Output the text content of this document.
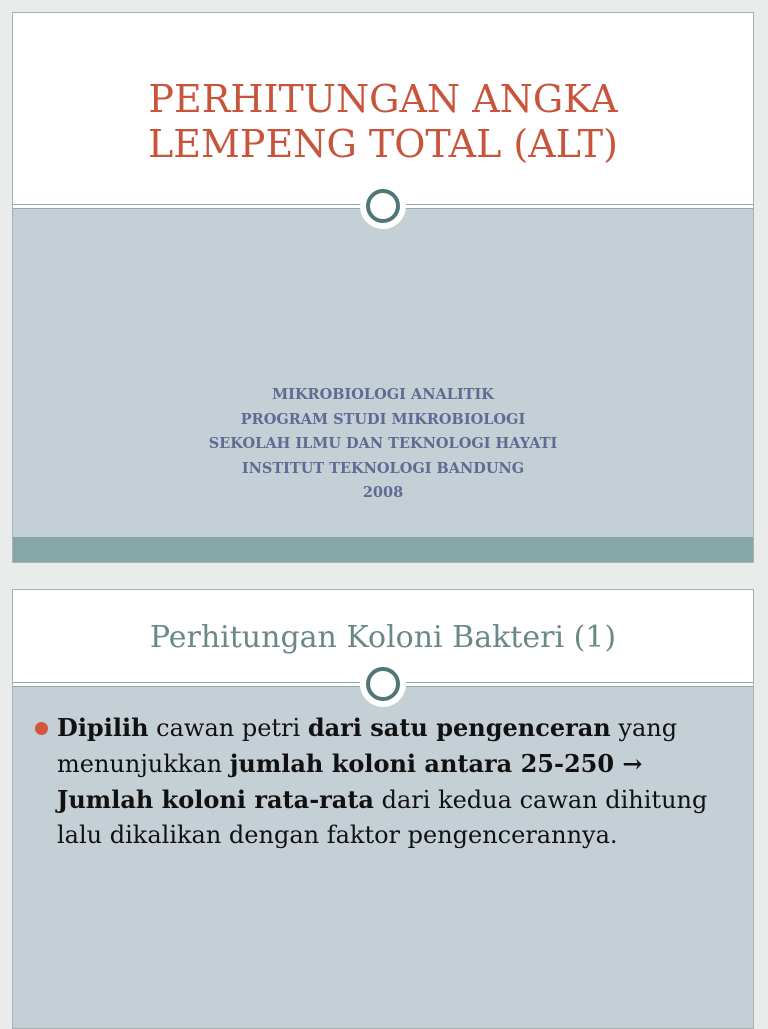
PERHITUNGAN ANGKA
LEMPENG TOTAL (ALT)
MIKROBIOLOGI ANALITIK
PROGRAM STUDI MIKROBIOLOGI
SEKOLAH ILMU DAN TEKNOLOGI HAYATI
INSTITUT TEKNOLOGI BANDUNG
2008
Perhitungan Koloni Bakteri (1)
Dipilih cawan petri dari satu pengenceran yang menunjukkan jumlah koloni antara 25-250 → Jumlah koloni rata-rata dari kedua cawan dihitung lalu dikalikan dengan faktor pengencerannya.
